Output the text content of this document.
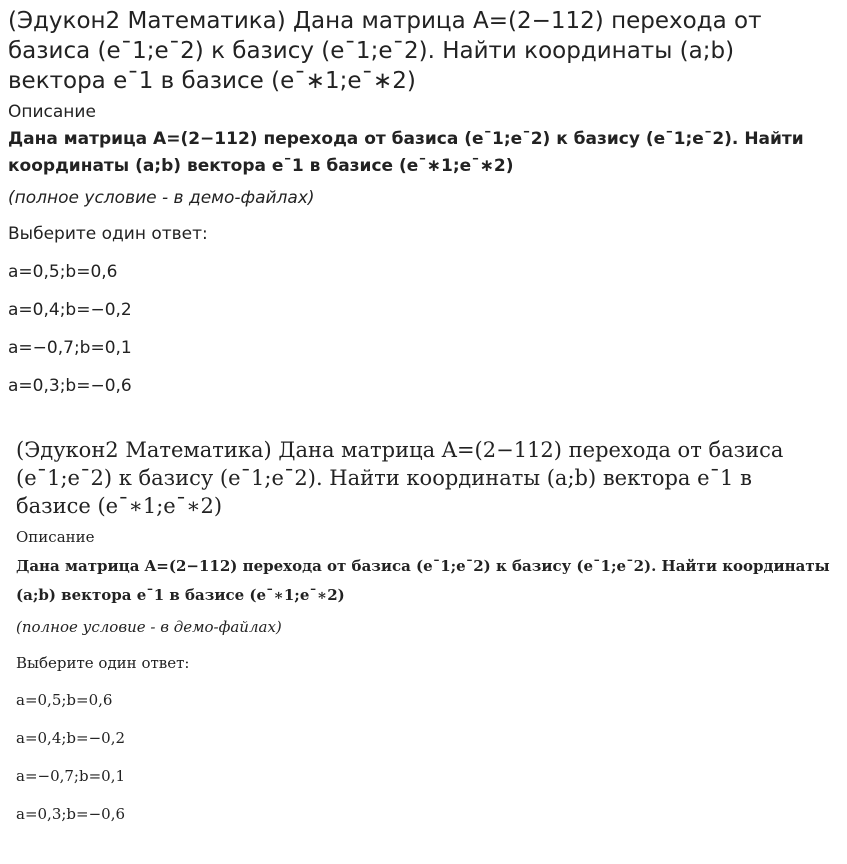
(Эдукон2 Математика) Дана матрица A=(2−112) перехода от базиса (e¯1;e¯2) к базису (e¯1;e¯2). Найти координаты (a;b) вектора e¯1 в базисе (e¯∗1;e¯∗2)
Описание
Дана матрица A=(2−112) перехода от базиса (e¯1;e¯2) к базису (e¯1;e¯2). Найти координаты (a;b) вектора e¯1 в базисе (e¯∗1;e¯∗2)
(полное условие - в демо-файлах)
Выберите один ответ:
a=0,5;b=0,6
a=0,4;b=−0,2
a=−0,7;b=0,1
a=0,3;b=−0,6
(Эдукон2 Математика) Дана матрица A=(2−112) перехода от базиса (e¯1;e¯2) к базису (e¯1;e¯2). Найти координаты (a;b) вектора e¯1 в базисе (e¯∗1;e¯∗2)
Описание
Дана матрица A=(2−112) перехода от базиса (e¯1;e¯2) к базису (e¯1;e¯2). Найти координаты (a;b) вектора e¯1 в базисе (e¯∗1;e¯∗2)
(полное условие - в демо-файлах)
Выберите один ответ:
a=0,5;b=0,6
a=0,4;b=−0,2
a=−0,7;b=0,1
a=0,3;b=−0,6
